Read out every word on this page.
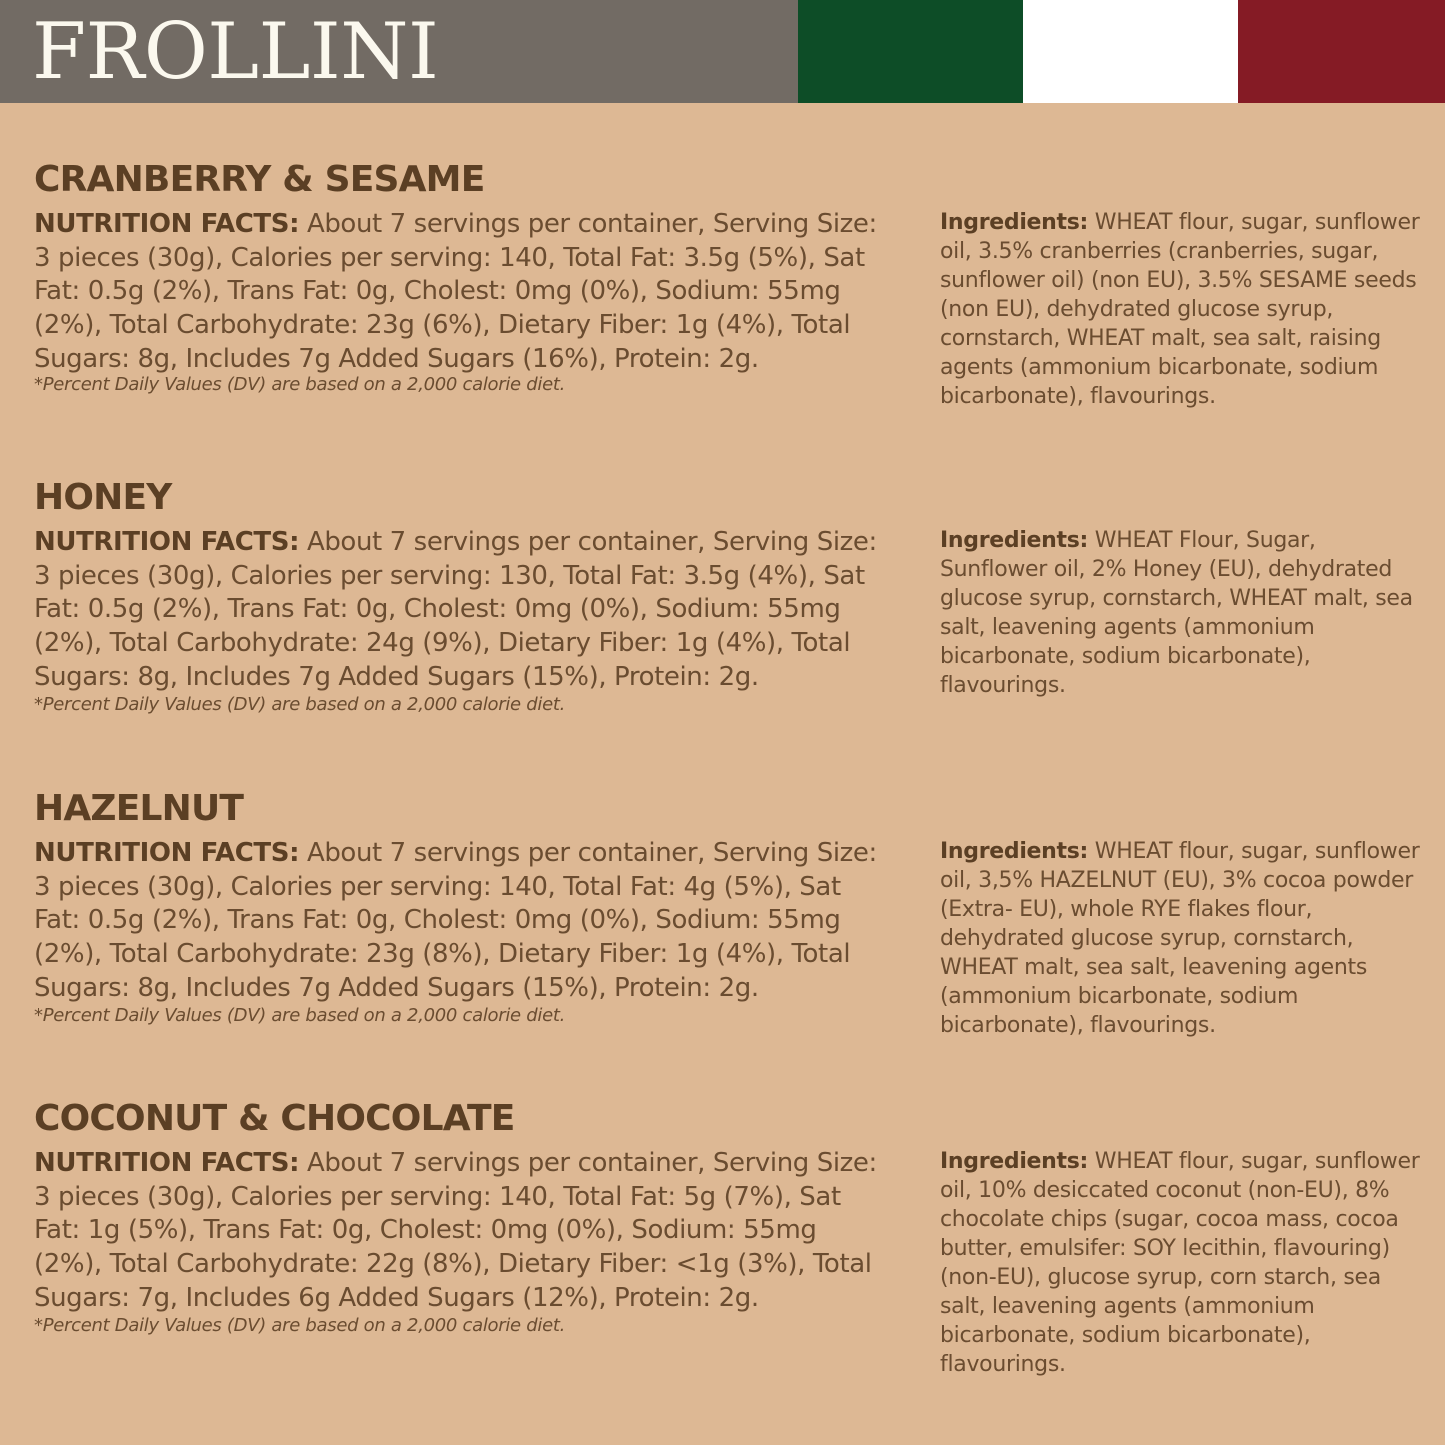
FROLLINI
CRANBERRY & SESAME
NUTRITION FACTS: About 7 servings per container, Serving Size: 3 pieces (30g), Calories per serving: 140, Total Fat: 3.5g (5%), Sat Fat: 0.5g (2%), Trans Fat: 0g, Cholest: 0mg (0%), Sodium: 55mg (2%), Total Carbohydrate: 23g (6%), Dietary Fiber: 1g (4%), Total Sugars: 8g, Includes 7g Added Sugars (16%), Protein: 2g.
*Percent Daily Values (DV) are based on a 2,000 calorie diet.
Ingredients: WHEAT flour, sugar, sunflower oil, 3.5% cranberries (cranberries, sugar, sunflower oil) (non EU), 3.5% SESAME seeds (non EU), dehydrated glucose syrup, cornstarch, WHEAT malt, sea salt, raising agents (ammonium bicarbonate, sodium bicarbonate), flavourings.
HONEY
NUTRITION FACTS: About 7 servings per container, Serving Size: 3 pieces (30g), Calories per serving: 130, Total Fat: 3.5g (4%), Sat Fat: 0.5g (2%), Trans Fat: 0g, Cholest: 0mg (0%), Sodium: 55mg (2%), Total Carbohydrate: 24g (9%), Dietary Fiber: 1g (4%), Total Sugars: 8g, Includes 7g Added Sugars (15%), Protein: 2g.
*Percent Daily Values (DV) are based on a 2,000 calorie diet.
Ingredients: WHEAT Flour, Sugar, Sunflower oil, 2% Honey (EU), dehydrated glucose syrup, cornstarch, WHEAT malt, sea salt, leavening agents (ammonium bicarbonate, sodium bicarbonate), flavourings.
HAZELNUT
NUTRITION FACTS: About 7 servings per container, Serving Size: 3 pieces (30g), Calories per serving: 140, Total Fat: 4g (5%), Sat Fat: 0.5g (2%), Trans Fat: 0g, Cholest: 0mg (0%), Sodium: 55mg (2%), Total Carbohydrate: 23g (8%), Dietary Fiber: 1g (4%), Total Sugars: 8g, Includes 7g Added Sugars (15%), Protein: 2g.
*Percent Daily Values (DV) are based on a 2,000 calorie diet.
Ingredients: WHEAT flour, sugar, sunflower oil, 3,5% HAZELNUT (EU), 3% cocoa powder (Extra- EU), whole RYE flakes flour, dehydrated glucose syrup, cornstarch, WHEAT malt, sea salt, leavening agents (ammonium bicarbonate, sodium bicarbonate), flavourings.
COCONUT & CHOCOLATE
NUTRITION FACTS: About 7 servings per container, Serving Size: 3 pieces (30g), Calories per serving: 140, Total Fat: 5g (7%), Sat Fat: 1g (5%), Trans Fat: 0g, Cholest: 0mg (0%), Sodium: 55mg (2%), Total Carbohydrate: 22g (8%), Dietary Fiber: <1g (3%), Total Sugars: 7g, Includes 6g Added Sugars (12%), Protein: 2g.
*Percent Daily Values (DV) are based on a 2,000 calorie diet.
Ingredients: WHEAT flour, sugar, sunflower oil, 10% desiccated coconut (non-EU), 8% chocolate chips (sugar, cocoa mass, cocoa butter, emulsifer: SOY lecithin, flavouring)(non-EU), glucose syrup, corn starch, sea salt, leavening agents (ammonium bicarbonate, sodium bicarbonate), flavourings.
